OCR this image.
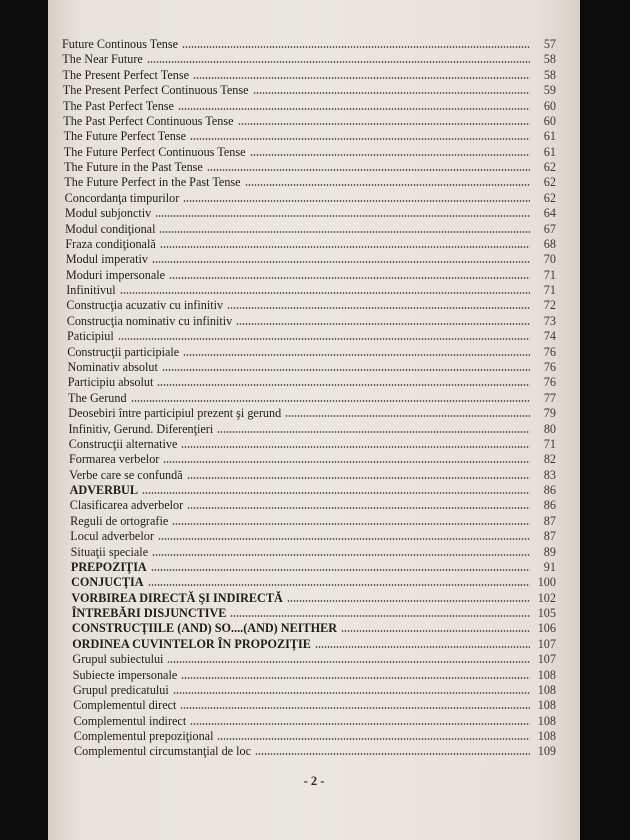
Future Continous Tense	57
The Near Future	58
The Present Perfect Tense	58
The Present Perfect Continuous Tense	59
The Past Perfect Tense	60
The Past Perfect Continuous Tense	60
The Future Perfect Tense	61
The Future Perfect Continuous Tense	61
The Future in the Past Tense	62
The Future Perfect in the Past Tense	62
Concordanţa timpurilor	62
Modul subjonctiv	64
Modul condiţional	67
Fraza condiţională	68
Modul imperativ	70
Moduri impersonale	71
Infinitivul	71
Construcţia acuzativ cu infinitiv	72
Construcţia nominativ cu infinitiv	73
Paticipiul	74
Construcţii participiale	76
Nominativ absolut	76
Participiu absolut	76
The Gerund	77
Deosebiri între participiul prezent şi gerund	79
Infinitiv, Gerund. Diferenţieri	80
Construcţii alternative	71
Formarea verbelor	82
Verbe care se confundă	83
ADVERBUL	86
Clasificarea adverbelor	86
Reguli de ortografie	87
Locul adverbelor	87
Situaţii speciale	89
PREPOZIŢIA	91
CONJUCŢIA	100
VORBIREA DIRECTĂ ŞI INDIRECTĂ	102
ÎNTREBĂRI DISJUNCTIVE	105
CONSTRUCŢIILE (AND) SO....(AND) NEITHER	106
ORDINEA CUVINTELOR ÎN PROPOZIŢIE	107
Grupul subiectului	107
Subiecte impersonale	108
Grupul predicatului	108
Complementul direct	108
Complementul indirect	108
Complementul prepoziţional	108
Complementul circumstanţial de loc	109
- 2 -
